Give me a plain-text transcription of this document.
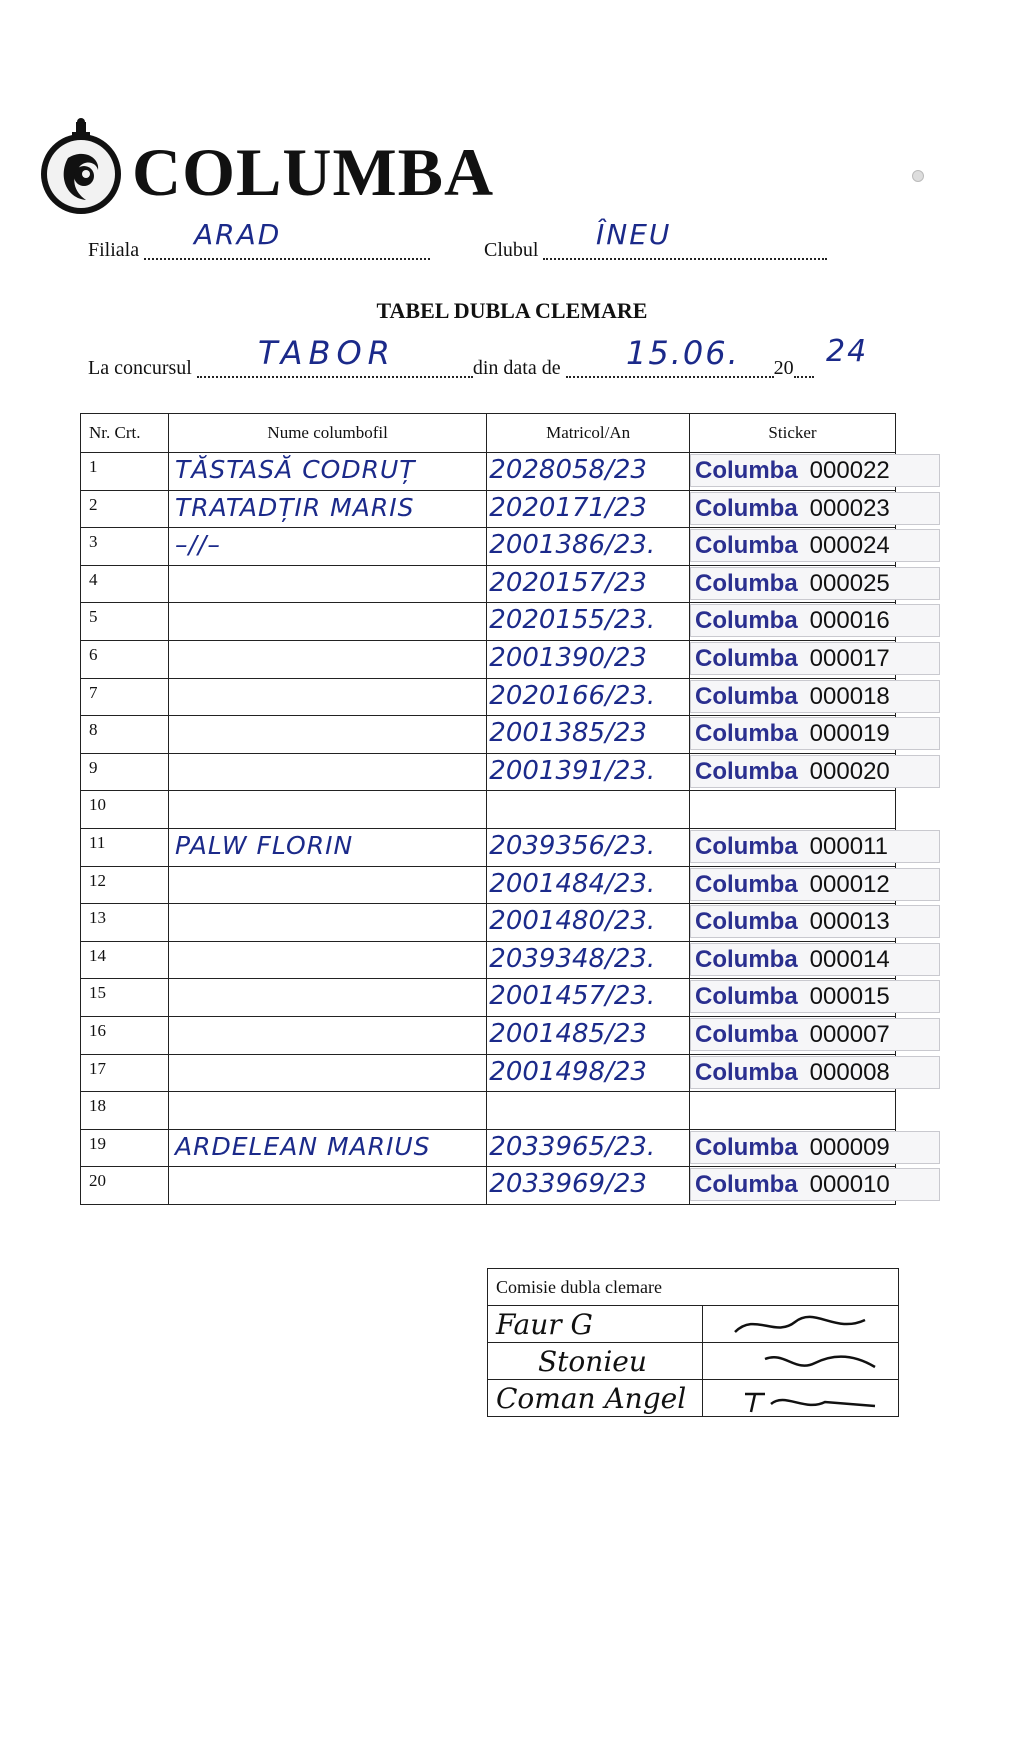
COLUMBA
Filiala	ARAD	Clubul	ÎNEU
TABEL DUBLA CLEMARE
La concursul	din data de	20
TABOR	15.06.	24
Nr. Crt.	Nume columbofil	Matricol/An	Sticker
1	TĂSTASĂ CODRUȚ	2028058/23	Columba 000022

2	TRATADȚIR MARIS	2020171/23	Columba 000023

3	–//–	2001386/23.	Columba 000024

4		2020157/23	Columba 000025

5		2020155/23.	Columba 000016

6		2001390/23	Columba 000017

7		2020166/23.	Columba 000018

8		2001385/23	Columba 000019

9		2001391/23.	Columba 000020

10	

11	PALW FLORIN	2039356/23.	Columba 000011

12		2001484/23.	Columba 000012

13		2001480/23.	Columba 000013

14		2039348/23.	Columba 000014

15		2001457/23.	Columba 000015

16		2001485/23	Columba 000007

17		2001498/23	Columba 000008

18	

19	ARDELEAN MARIUS	2033965/23.	Columba 000009

20		2033969/23	Columba 000010
Comisie dubla clemare	

Faur G

Stonieu

Coman Angel
